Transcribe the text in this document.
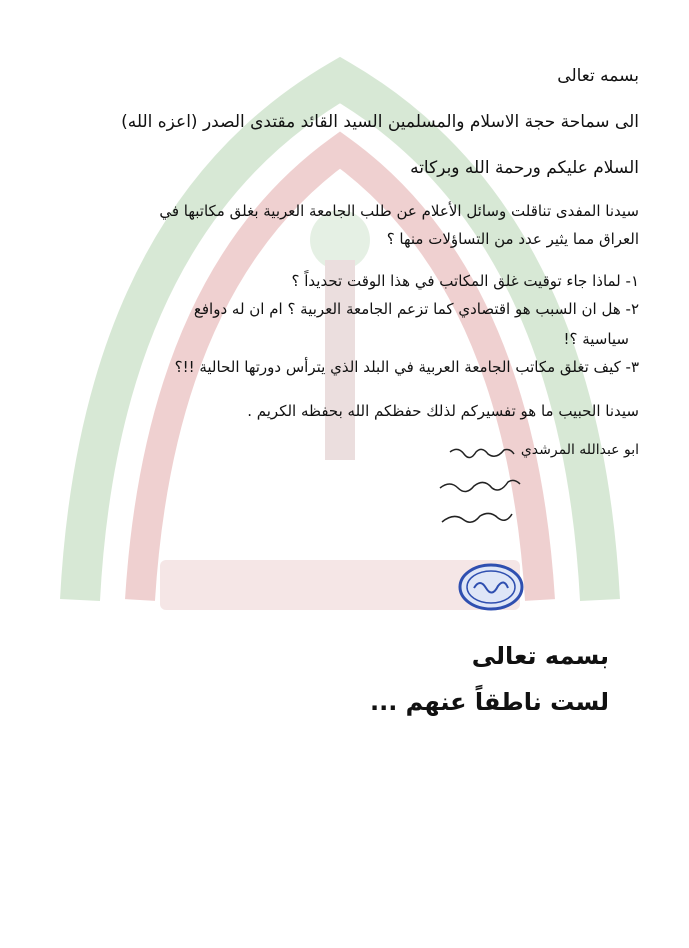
بسمه تعالى
الى سماحة حجة الاسلام والمسلمين السيد القائد مقتدى الصدر (اعزه الله)
السلام عليكم ورحمة الله وبركاته
سيدنا المفدى تناقلت وسائل الأعلام عن طلب الجامعة العربية بغلق مكاتبها في
العراق مما يثير عدد من التساؤلات منها ؟
١- لماذا جاء توقيت غلق المكاتب في هذا الوقت تحديداً ؟
٢- هل ان السبب هو اقتصادي كما تزعم الجامعة العربية ؟ ام ان له دوافع
سياسية ؟!
٣- كيف تغلق مكاتب الجامعة العربية في البلد الذي يترأس دورتها الحالية !!؟
سيدنا الحبيب ما هو تفسيركم لذلك حفظكم الله بحفظه الكريم .
ابو عبدالله المرشدي
بسمه تعالى
لست ناطقاً عنهم ...
